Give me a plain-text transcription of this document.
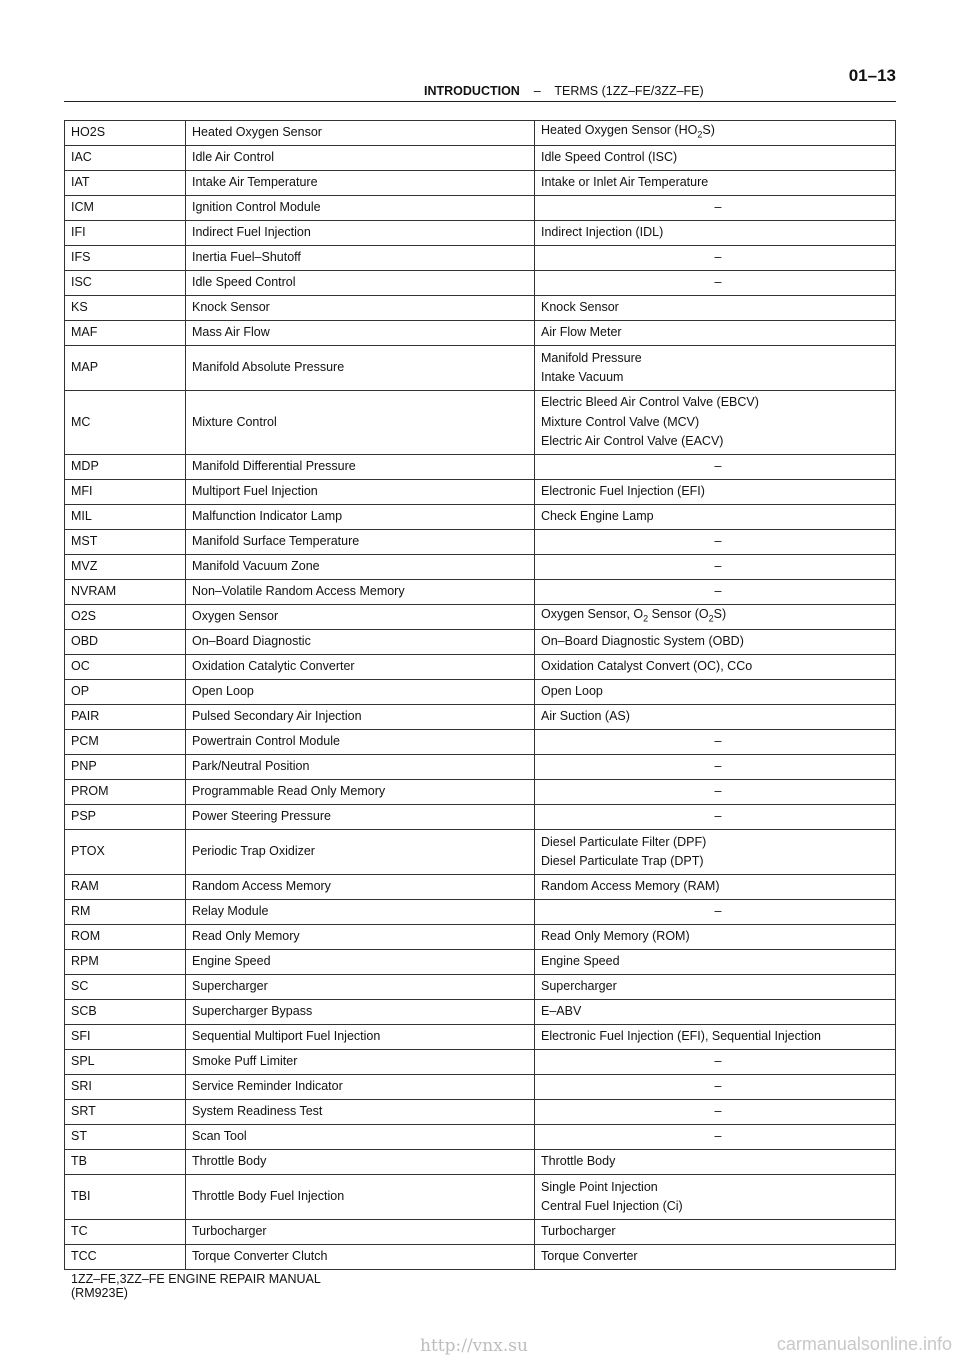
INTRODUCTION – TERMS (1ZZ–FE/3ZZ–FE)
01–13
HO2S	Heated Oxygen Sensor	Heated Oxygen Sensor $(HO_2S)$

IAC	Idle Air Control	Idle Speed Control (ISC)

IAT	Intake Air Temperature	Intake or Inlet Air Temperature

ICM	Ignition Control Module	–

IFI	Indirect Fuel Injection	Indirect Injection (IDL)

IFS	Inertia Fuel–Shutoff	–

ISC	Idle Speed Control	–

KS	Knock Sensor	Knock Sensor

MAF	Mass Air Flow	Air Flow Meter

MAP	Manifold Absolute Pressure	Manifold Pressure
Intake Vacuum

MC	Mixture Control	Electric Bleed Air Control Valve (EBCV)
Mixture Control Valve (MCV)
Electric Air Control Valve (EACV)

MDP	Manifold Differential Pressure	–

MFI	Multiport Fuel Injection	Electronic Fuel Injection (EFI)

MIL	Malfunction Indicator Lamp	Check Engine Lamp

MST	Manifold Surface Temperature	–

MVZ	Manifold Vacuum Zone	–

NVRAM	Non–Volatile Random Access Memory	–

O2S	Oxygen Sensor	Oxygen Sensor, $O_2$ Sensor $(O_2S)$

OBD	On–Board Diagnostic	On–Board Diagnostic System (OBD)

OC	Oxidation Catalytic Converter	Oxidation Catalyst Convert (OC), CCo

OP	Open Loop	Open Loop

PAIR	Pulsed Secondary Air Injection	Air Suction (AS)

PCM	Powertrain Control Module	–

PNP	Park/Neutral Position	–

PROM	Programmable Read Only Memory	–

PSP	Power Steering Pressure	–

PTOX	Periodic Trap Oxidizer	Diesel Particulate Filter (DPF)
Diesel Particulate Trap (DPT)

RAM	Random Access Memory	Random Access Memory (RAM)

RM	Relay Module	–

ROM	Read Only Memory	Read Only Memory (ROM)

RPM	Engine Speed	Engine Speed

SC	Supercharger	Supercharger

SCB	Supercharger Bypass	E–ABV

SFI	Sequential Multiport Fuel Injection	Electronic Fuel Injection (EFI), Sequential Injection

SPL	Smoke Puff Limiter	–

SRI	Service Reminder Indicator	–

SRT	System Readiness Test	–

ST	Scan Tool	–

TB	Throttle Body	Throttle Body

TBI	Throttle Body Fuel Injection	Single Point Injection
Central Fuel Injection (Ci)

TC	Turbocharger	Turbocharger

TCC	Torque Converter Clutch	Torque Converter
1ZZ–FE,3ZZ–FE ENGINE REPAIR MANUAL
(RM923E)
http://vnx.su	carmanualsonline.info
